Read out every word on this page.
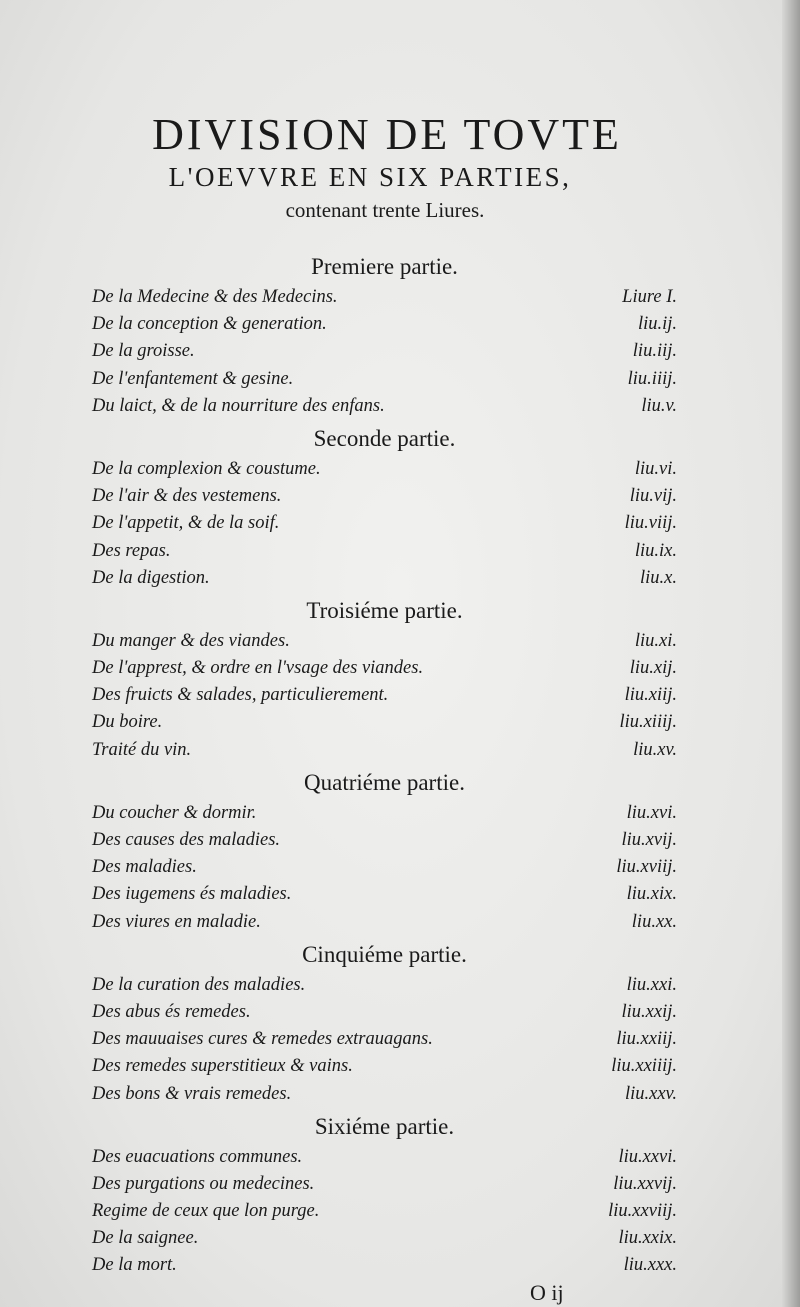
DIVISION DE TOVTE
L'OEVVRE EN SIX PARTIES,
contenant trente Liures.
Premiere partie.
De la Medecine & des Medecins.	Liure I.
De la conception & generation.	liu.ij.
De la groisse.	liu.iij.
De l'enfantement & gesine.	liu.iiij.
Du laict, & de la nourriture des enfans.	liu.v.
Seconde partie.
De la complexion & coustume.	liu.vi.
De l'air & des vestemens.	liu.vij.
De l'appetit, & de la soif.	liu.viij.
Des repas.	liu.ix.
De la digestion.	liu.x.
Troisiéme partie.
Du manger & des viandes.	liu.xi.
De l'apprest, & ordre en l'vsage des viandes.	liu.xij.
Des fruicts & salades, particulierement.	liu.xiij.
Du boire.	liu.xiiij.
Traité du vin.	liu.xv.
Quatriéme partie.
Du coucher & dormir.	liu.xvi.
Des causes des maladies.	liu.xvij.
Des maladies.	liu.xviij.
Des iugemens és maladies.	liu.xix.
Des viures en maladie.	liu.xx.
Cinquiéme partie.
De la curation des maladies.	liu.xxi.
Des abus és remedes.	liu.xxij.
Des mauuaises cures & remedes extrauagans.	liu.xxiij.
Des remedes superstitieux & vains.	liu.xxiiij.
Des bons & vrais remedes.	liu.xxv.
Sixiéme partie.
Des euacuations communes.	liu.xxvi.
Des purgations ou medecines.	liu.xxvij.
Regime de ceux que lon purge.	liu.xxviij.
De la saignee.	liu.xxix.
De la mort.	liu.xxx.
O ij
